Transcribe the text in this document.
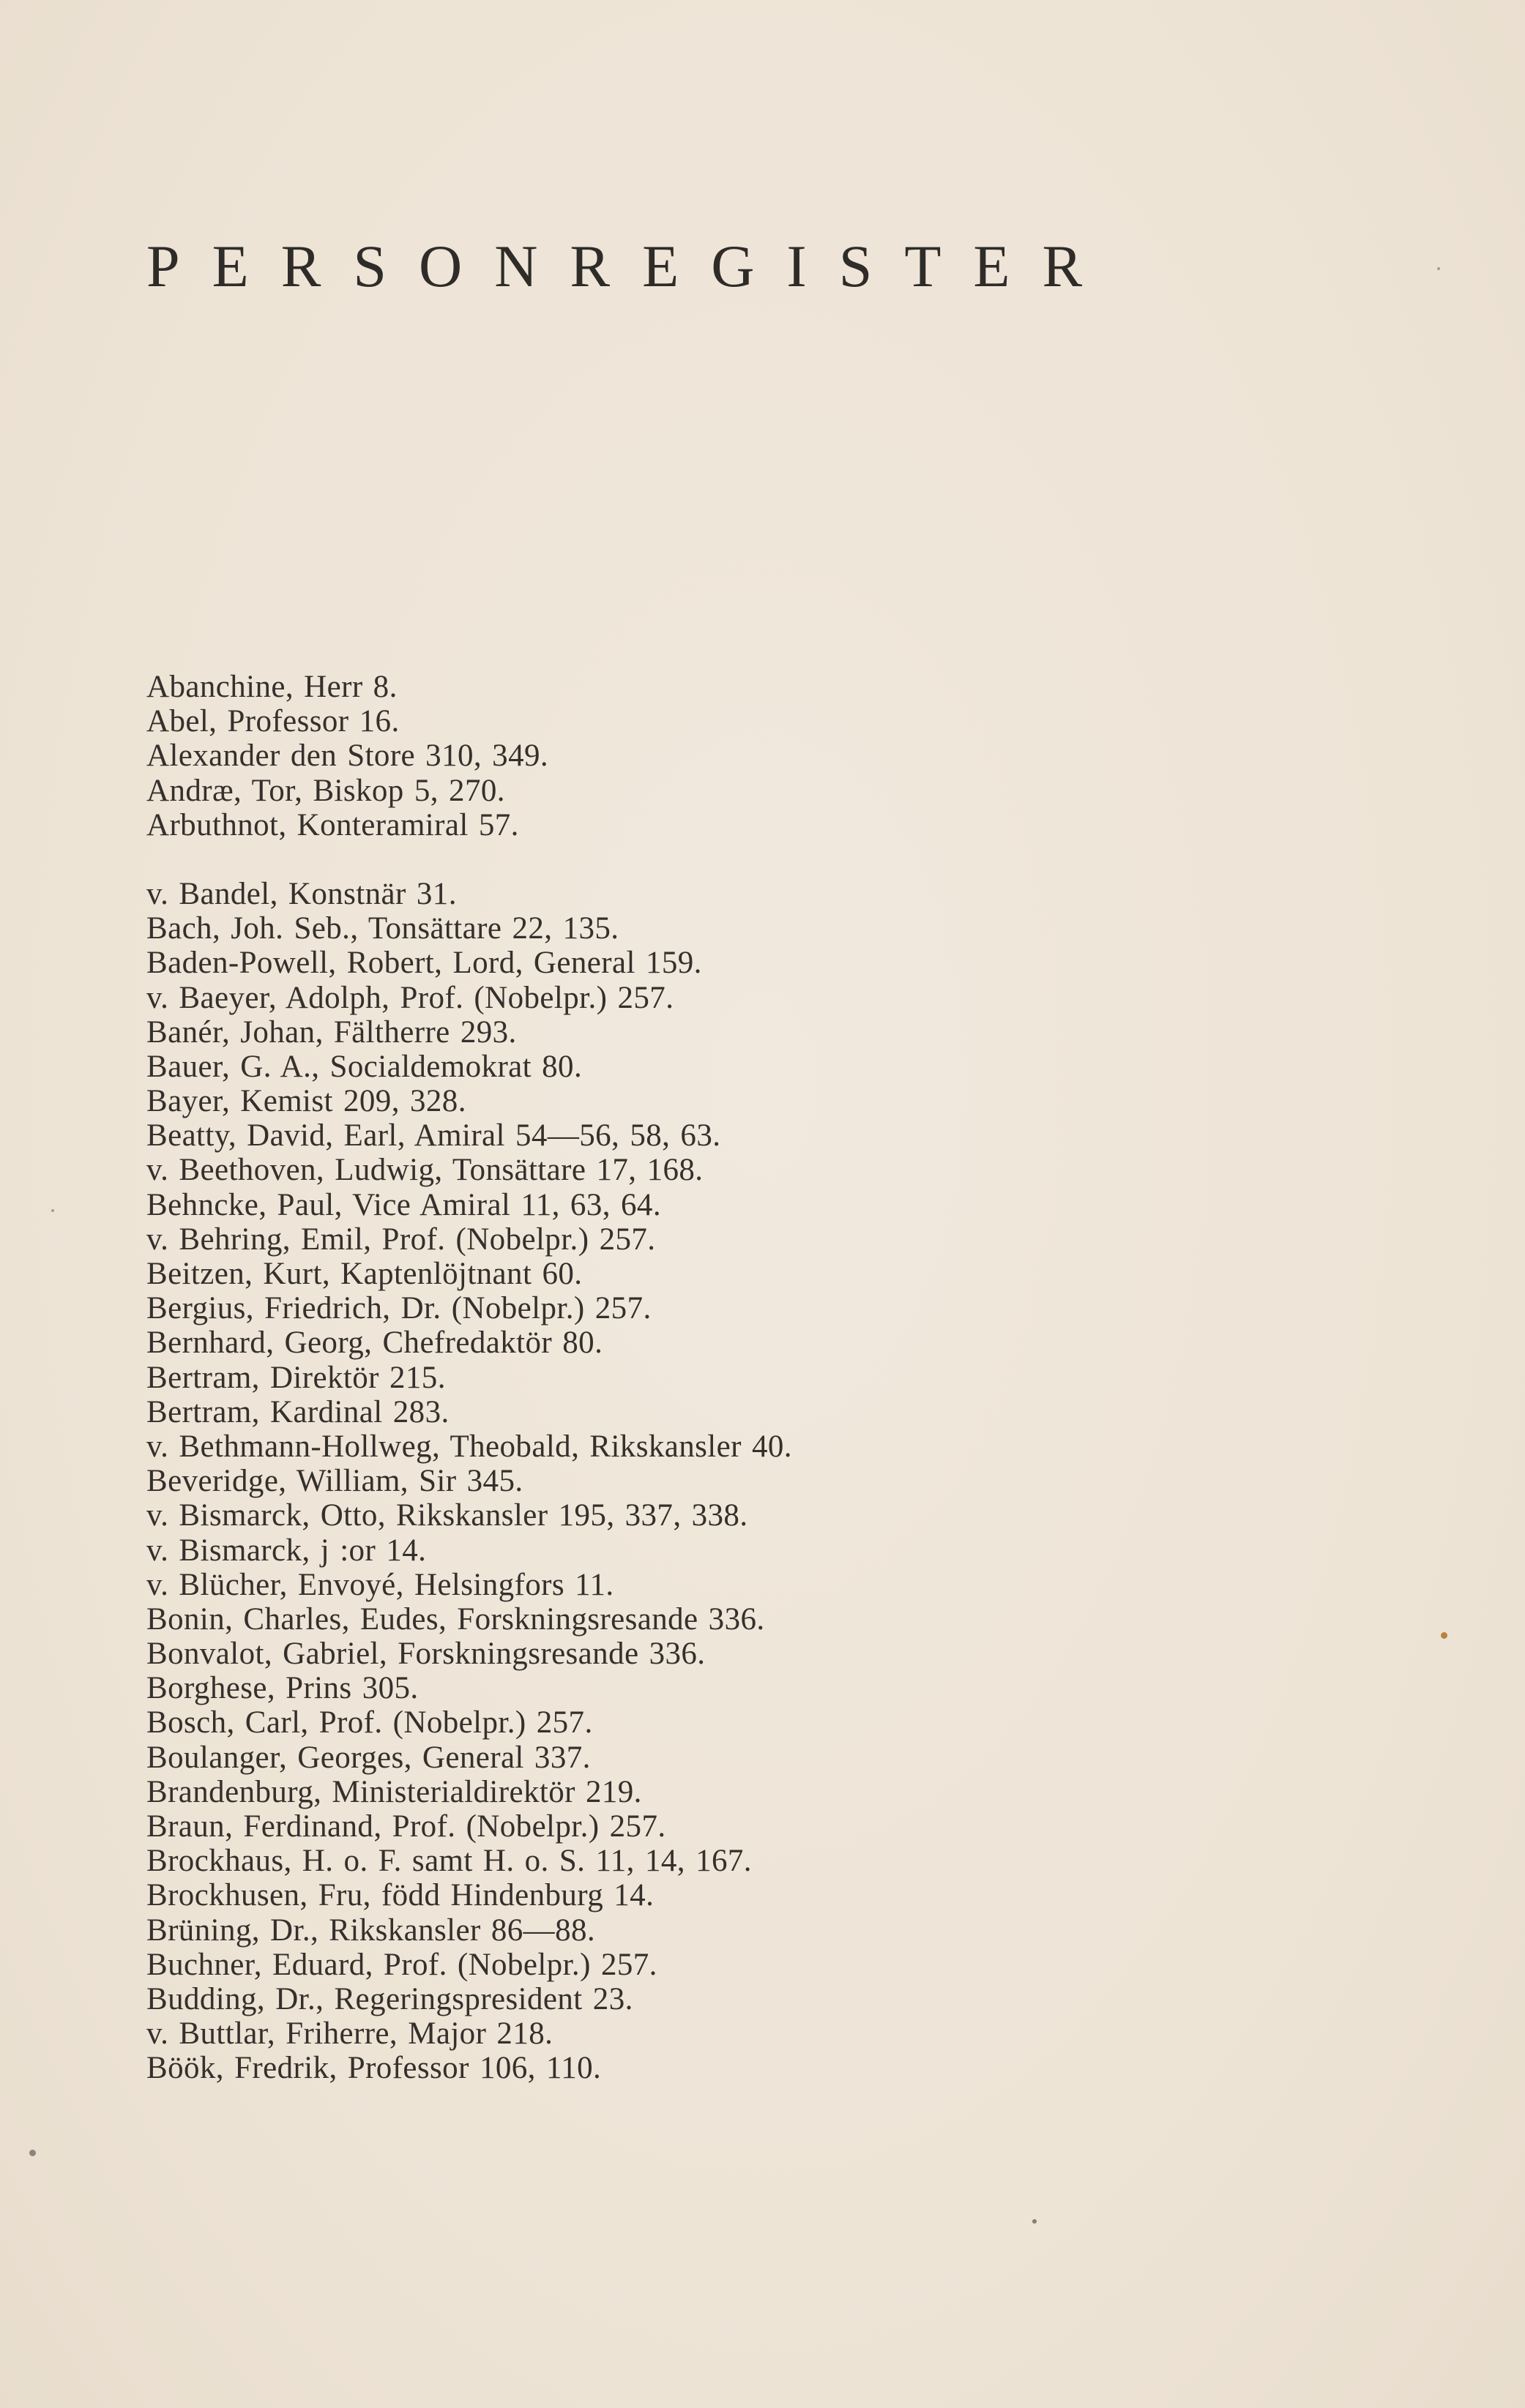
PERSONREGISTER
Abanchine, Herr 8.
Abel, Professor 16.
Alexander den Store 310, 349.
Andræ, Tor, Biskop 5, 270.
Arbuthnot, Konteramiral 57.
v. Bandel, Konstnär 31.
Bach, Joh. Seb., Tonsättare 22, 135.
Baden-Powell, Robert, Lord, General 159.
v. Baeyer, Adolph, Prof. (Nobelpr.) 257.
Banér, Johan, Fältherre 293.
Bauer, G. A., Socialdemokrat 80.
Bayer, Kemist 209, 328.
Beatty, David, Earl, Amiral 54—56, 58, 63.
v. Beethoven, Ludwig, Tonsättare 17, 168.
Behncke, Paul, Vice Amiral 11, 63, 64.
v. Behring, Emil, Prof. (Nobelpr.) 257.
Beitzen, Kurt, Kaptenlöjtnant 60.
Bergius, Friedrich, Dr. (Nobelpr.) 257.
Bernhard, Georg, Chefredaktör 80.
Bertram, Direktör 215.
Bertram, Kardinal 283.
v. Bethmann-Hollweg, Theobald, Rikskansler 40.
Beveridge, William, Sir 345.
v. Bismarck, Otto, Rikskansler 195, 337, 338.
v. Bismarck, j :or 14.
v. Blücher, Envoyé, Helsingfors 11.
Bonin, Charles, Eudes, Forskningsresande 336.
Bonvalot, Gabriel, Forskningsresande 336.
Borghese, Prins 305.
Bosch, Carl, Prof. (Nobelpr.) 257.
Boulanger, Georges, General 337.
Brandenburg, Ministerialdirektör 219.
Braun, Ferdinand, Prof. (Nobelpr.) 257.
Brockhaus, H. o. F. samt H. o. S. 11, 14, 167.
Brockhusen, Fru, född Hindenburg 14.
Brüning, Dr., Rikskansler 86—88.
Buchner, Eduard, Prof. (Nobelpr.) 257.
Budding, Dr., Regeringspresident 23.
v. Buttlar, Friherre, Major 218.
Böök, Fredrik, Professor 106, 110.
